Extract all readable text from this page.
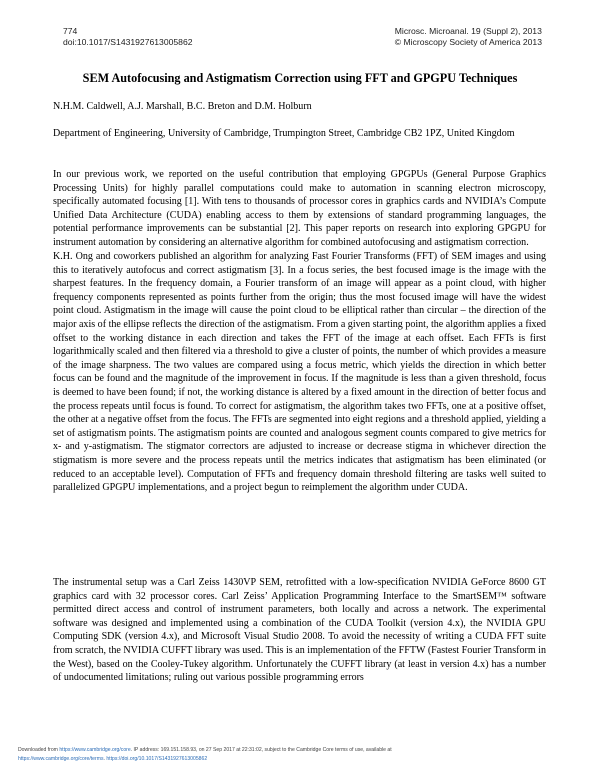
774
doi:10.1017/S1431927613005862
Microsc. Microanal. 19 (Suppl 2), 2013
© Microscopy Society of America 2013
SEM Autofocusing and Astigmatism Correction using FFT and GPGPU Techniques
N.H.M. Caldwell, A.J. Marshall, B.C. Breton and D.M. Holburn
Department of Engineering, University of Cambridge, Trumpington Street, Cambridge CB2 1PZ, United Kingdom
In our previous work, we reported on the useful contribution that employing GPGPUs (General Purpose Graphics Processing Units) for highly parallel computations could make to automation in scanning electron microscopy, specifically automated focusing [1]. With tens to thousands of processor cores in graphics cards and NVIDIA’s Compute Unified Data Architecture (CUDA) enabling access to them by extensions of standard programming languages, the potential performance improvements can be substantial [2]. This paper reports on research into exploring GPGPU for instrument automation by considering an alternative algorithm for combined autofocusing and astigmatism correction.
K.H. Ong and coworkers published an algorithm for analyzing Fast Fourier Transforms (FFT) of SEM images and using this to iteratively autofocus and correct astigmatism [3]. In a focus series, the best focused image is the image with the sharpest features. In the frequency domain, a Fourier transform of an image will appear as a point cloud, with higher frequency components represented as points further from the origin; thus the most focused image will have the widest point cloud. Astigmatism in the image will cause the point cloud to be elliptical rather than circular – the direction of the major axis of the ellipse reflects the direction of the astigmatism. From a given starting point, the algorithm applies a fixed offset to the working distance in each direction and takes the FFT of the image at each offset. Each FFTs is first logarithmically scaled and then filtered via a threshold to give a cluster of points, the number of which provides a measure of the image sharpness. The two values are compared using a focus metric, which yields the direction in which better focus can be found and the magnitude of the improvement in focus. If the magnitude is less than a given threshold, focus is deemed to have been found; if not, the working distance is altered by a fixed amount in the direction of better focus and the process repeats until focus is found. To correct for astigmatism, the algorithm takes two FFTs, one at a positive offset, the other at a negative offset from the focus. The FFTs are segmented into eight regions and a threshold applied, yielding a set of astigmatism points. The astigmatism points are counted and analogous segment counts compared to give metrics for x- and y-astigmatism. The stigmator correctors are adjusted to increase or decrease stigma in whichever direction the stigmatism is more severe and the process repeats until the metrics indicates that astigmatism has been eliminated (or reduced to an acceptable level). Computation of FFTs and frequency domain threshold filtering are tasks well suited to parallelized GPGPU implementations, and a project begun to reimplement the algorithm under CUDA.
The instrumental setup was a Carl Zeiss 1430VP SEM, retrofitted with a low-specification NVIDIA GeForce 8600 GT graphics card with 32 processor cores. Carl Zeiss’ Application Programming Interface to the SmartSEM™ software permitted direct access and control of instrument parameters, both locally and across a network. The experimental software was designed and implemented using a combination of the CUDA Toolkit (version 4.x), the NVIDIA GPU Computing SDK (version 4.x), and Microsoft Visual Studio 2008. To avoid the necessity of writing a CUDA FFT suite from scratch, the NVIDIA CUFFT library was used. This is an implementation of the FFTW (Fastest Fourier Transform in the West), based on the Cooley-Tukey algorithm. Unfortunately the CUFFT library (at least in version 4.x) has a number of undocumented limitations; ruling out various possible programming errors
Downloaded from https://www.cambridge.org/core. IP address: 169.151.158.93, on 27 Sep 2017 at 22:31:02, subject to the Cambridge Core terms of use, available at
https://www.cambridge.org/core/terms. https://doi.org/10.1017/S1431927613005862
